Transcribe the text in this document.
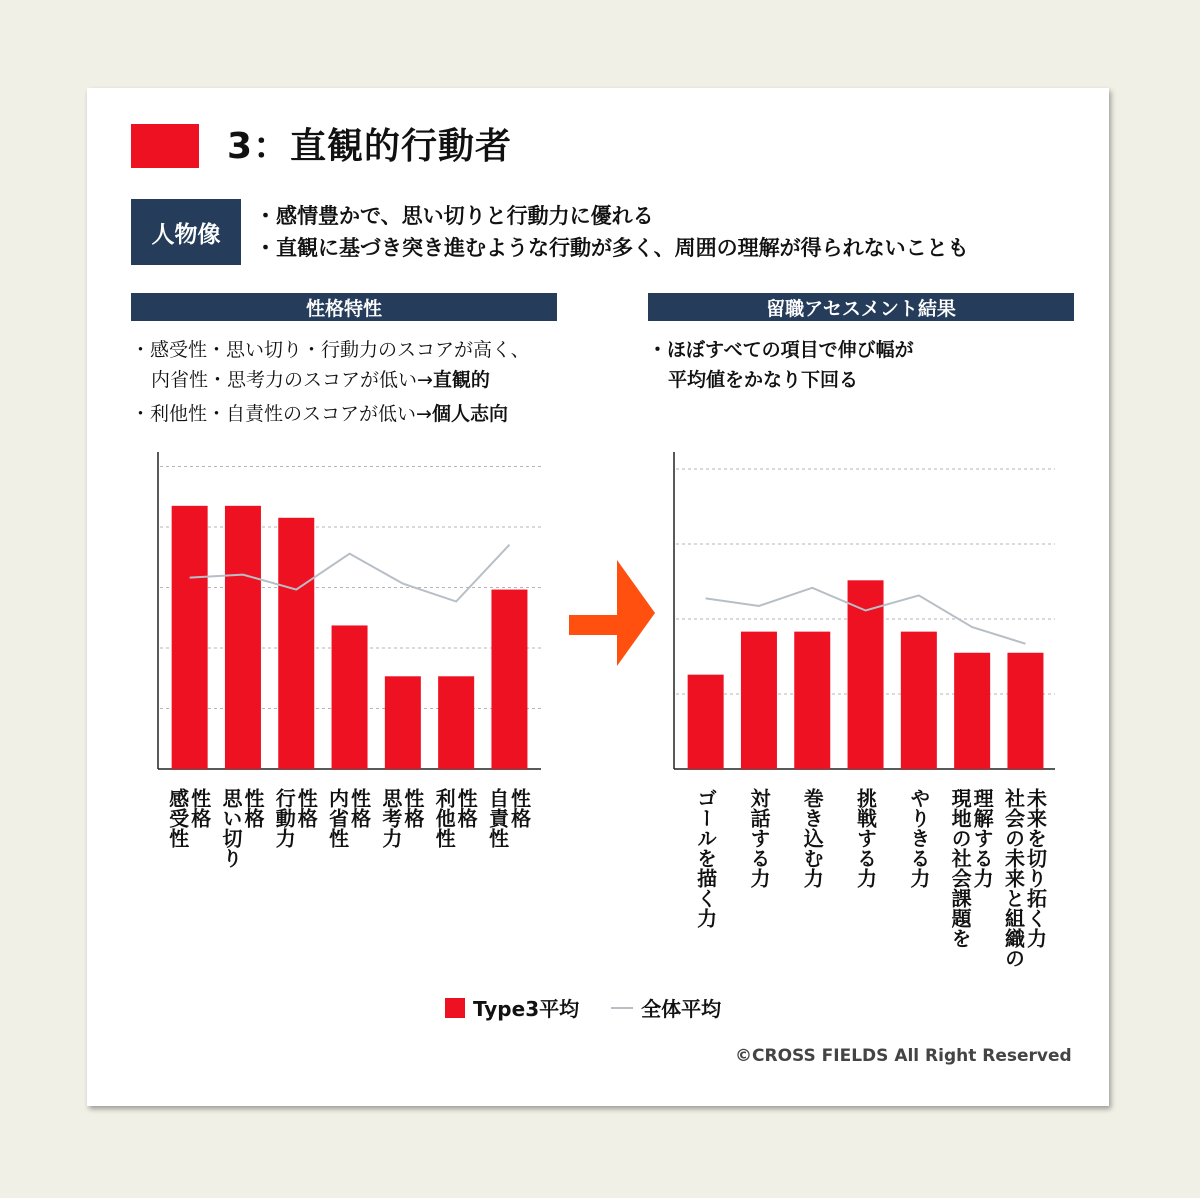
3：直観的行動者
人物像
・ 感情豊かで、思い切りと行動力に優れる
・ 直観に基づき突き進むような行動が多く、周囲の理解が得られないことも
性格特性	留職アセスメント結果
・ 感受性・思い切り・行動力のスコアが高く、
内省性・思考力のスコアが低い→直観的
・ 利他性・自責性のスコアが低い→個人志向
・ ほぼすべての項目で伸び幅が
平均値をかなり下回る
性格
感受性	性格
思い切り	性格
行動力	性格
内省性	性格
思考力	性格
利他性	性格
自責性	ゴールを描く力 対話する力 巻き込む力 挑戦する力 やりきる力 理解する力
現地の社会課題を	未来を切り拓く力
社会の未来と組織の
Type3平均	全体平均
©CROSS FIELDS All Right Reserved
